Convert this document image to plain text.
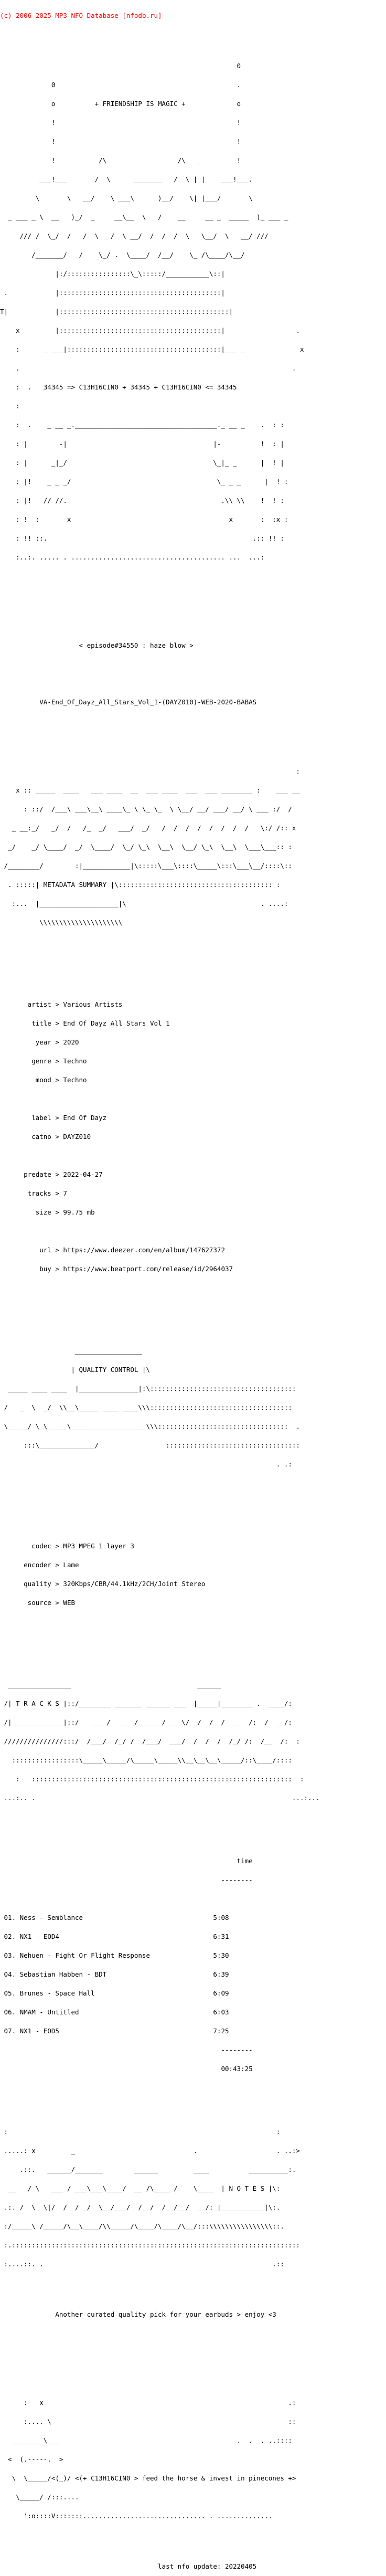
(c) 2006-2025 MP3 NFO Database [nfodb.ru]

0

0                                              .

o          + FRIENDSHIP IS MAGIC +             o

!                                              !

!                                              !

!           /\                  /\   _         !

___!___       /  \      _______   /  \ | |    ___!___.

\       \   __/    \ ___\      )__/    \| |___/       \

_ ___ _ \  __   )_/  _     __\__  \   /    __     __ _  _____  )_ ___ _

/// /  \_/  /   /  \   /  \ __/  /  /  /  \   \__/  \   __/ ///

/_______/   /    \_/ .  \____/  /__/    \_ /\____/\__/

|:/::::::::::::::::\_\:::::/___________\::|

.            |:::::::::::::::::::::::::::::::::::::::::|

T|            |:::::::::::::::::::::::::::::::::::::::::::|

x         |:::::::::::::::::::::::::::::::::::::::::|                  .

:      _ ___|:::::::::::::::::::::::::::::::::::::::|___ _              x

.                                                                     .

:  .   34345 => C13H16CIN0 + 34345 + C13H16CIN0 <= 34345

:

:  .    _ __ _.____________________________________._ __ _    .  : :

: |        -|                                     |-          !  : |

: |      _|_/                                     \_|_ _      |  ! |

: |!    _ _ _/                                     \_ _ _      |  ! :

: |!   // //.                                       .\\ \\    !  ! :

: !  :       x                                        x       :  :x :

: !! ::.                                                    .:: !! :

:..:. ..... . ....................................... ...  ...:

< episode#34550 : haze blow >

VA-End_Of_Dayz_All_Stars_Vol_1-(DAYZ010)-WEB-2020-BABAS

:

x :: _____  ____   ___ ____  __  ___ ____  ___  ___ ________ :    ___ __

: ::/  /___\ ___\__\ ____\_ \ \_ \_  \ \__/ __/ ___/ __/ \ ___ :/  /

_ __:_/   _/  /   /_  _/   ___/  _/   /  /  /  /  /  /  /  /   \:/ /:: x

_/    _/ \____/  _/  \____/  \_/ \_\  \__\  \__/ \_\  \__\  \___\___:: :

/________/        :|____________|\:::::\___\::::\_____\:::\___\__/::::\::

. :::::| METADATA SUMMARY |\::::::::::::::::::::::::::::::::::::::: :

:...  |____________________|\                                  . ....:

\\\\\\\\\\\\\\\\\\\\\

artist > Various Artists

title > End Of Dayz All Stars Vol 1

year > 2020

genre > Techno

mood > Techno

label > End Of Dayz

catno > DAYZ010

predate > 2022-04-27

tracks > 7

size > 99.75 mb

url > https://www.deezer.com/en/album/147627372

buy > https://www.beatport.com/release/id/2964037

_________________

| QUALITY CONTROL |\

_____ ____ ____  |_______________|:\:::::::::::::::::::::::::::::::::::::

/   _  \  _/  \\__\_____ ____ ____\\\::::::::::::::::::::::::::::::::::::

\_____/ \_\_____\___________________\\\:::::::::::::::::::::::::::::::::  .

:::\______________/                 ::::::::::::::::::::::::::::::::::

. .:

codec > MP3 MPEG 1 layer 3

encoder > Lame

quality > 320Kbps/CBR/44.1kHz/2CH/Joint Stereo

source > WEB

________________                                ______

/| T R A C K S |::/________ _______ ______ ___  |_____|________ .  ____/:

/|_____________|::/   ____/  __  /  ____/ ___\/  /  /  /  __  /:  /  __/:

///////////////:::/  /___/  /_/ /  /___/  ___/  /  /  /  /_/ /:  /__  /:  :

:::::::::::::::::\_____\_____/\_____\_____\\__\__\__\_____/::\____/::::

:   ::::::::::::::::::::::::::::::::::::::::::::::::::::::::::::::::::  :

...:.. .                                                                 ...:...

time

--------

01. Ness - Semblance	5:08

02. NX1 - EOD4	6:31

03. Nehuen - Fight Or Flight Response	5:30

04. Sebastian Habben - BDT	6:39

05. Brunes - Space Hall	6:09

06. NMAM - Untitled	6:03

07. NX1 - EOD5	7:25

--------

00:43:25

:                                                                    :

.....: x         _                              .                    . ..:>

.::.   ______/_______        ______         ____          __________:.

__   / \   ___ / ___\___\____/  __ /\____ /    \____  | N O T E S |\:

.:._/  \  \|/  / _/ _/  \__/___/  /__/  /__/__/  __/:_|___________|\:.

:/_____\ /_____/\__\____/\\_____/\____/\____/\__/:::\\\\\\\\\\\\\\\\::.

:.:::::::::::::::::::::::::::::::::::::::::::::::::::::::::::::::::::::::::

:....::. .                                                          .::

Another curated quality pick for your earbuds > enjoy <3

:   x                                                              .:

:.... \                                                            ::

________\___                                             .  .  . ..::::

<  (.-----.  >

\  \_____/<(_)/ <(+ C13H16CIN0 > feed the horse & invest in pinecones +>

\_____/ /:::....

':o::::V:::::::............................... . ..............

last nfo update: 20220405
